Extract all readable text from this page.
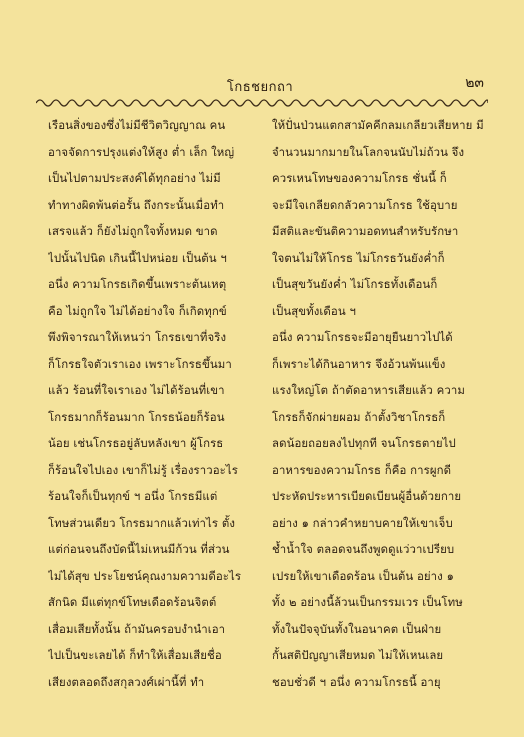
โกธชยกถา	๒๓
เรือนสิ่งของซึ่งไม่มีชีวิตวิญญาณ คน
อาจจัดการปรุงแต่งให้สูง ต่ำ เล็ก ใหญ่
เป็นไปตามประสงค์ได้ทุกอย่าง ไม่มี
ทำทางผิดพ้นต่อรั้น ถึงกระนั้นเมื่อทำ
เสรจแล้ว ก็ยังไม่ถูกใจทั้งหมด ขาด
ไปนั้นไปนิด เกินนี้ไปหน่อย เป็นต้น ฯ
อนึ่ง ความโกรธเกิดขึ้นเพราะต้นเหตุ
คือ ไม่ถูกใจ ไม่ได้อย่างใจ ก็เกิดทุกข์
พึงพิจารณาให้เหนว่า โกรธเขาที่จริง
ก็โกรธใจตัวเราเอง เพราะโกรธขึ้นมา
แล้ว ร้อนที่ใจเราเอง ไม่ได้ร้อนที่เขา
โกรธมากก็ร้อนมาก โกรธน้อยก็ร้อน
น้อย เช่นโกรธอยู่ลับหลังเขา ผู้โกรธ
ก็ร้อนใจไปเอง เขาก็ไม่รู้ เรื่องราวอะไร
ร้อนใจก็เป็นทุกข์ ฯ อนึ่ง โกรธมีแต่
โทษส่วนเดียว โกรธมากแล้วเท่าไร ตั้ง
แต่ก่อนจนถึงบัดนี้ไม่เหนมีก้วน ที่ส่วน
ไม่ได้สุข ประโยชน์คุณงามความดีอะไร
สักนิด มีแต่ทุกข์โทษเดือดร้อนจิตต์
เสื่อมเสียทั้งนั้น ถ้ามันครอบงำนำเอา
ไปเป็นขะเลยได้ ก็ทำให้เสื่อมเสียชื่อ
เสียงตลอดถึงสกุลวงศ์เผ่านี้ที่ ทำ
ให้ปั่นป่วนแตกสามัคคีกลมเกลียวเสียหาย มี
จำนวนมากมายในโลกจนนับไม่ถ้วน จึง
ควรเหนโทษของความโกรธ ชั่นนี้ ก็
จะมีใจเกลียดกลัวความโกรธ ใช้อุบาย
มีสติและขันติความอดทนสำหรับรักษา
ใจตนไม่ให้โกรธ ไม่โกรธวันยังค่ำก็
เป็นสุขวันยังค่ำ ไม่โกรธทั้งเดือนก็
เป็นสุขทั้งเดือน ฯ
อนึ่ง ความโกรธจะมีอายุยืนยาวไปได้
ก็เพราะได้กินอาหาร จึงอ้วนพ้นแข็ง
แรงใหญ่โต ถ้าตัดอาหารเสียแล้ว ความ
โกรธก็จักผ่ายผอม ถ้าตั้งวิชาโกรธก็
ลดน้อยถอยลงไปทุกที จนโกรธตายไป
อาหารของความโกรธ ก็คือ การผูกดี
ประหัดประหารเบียดเบียนผู้อื่นด้วยกาย
อย่าง ๑ กล่าวคำหยาบคายให้เขาเจ็บ
ช้ำน้ำใจ ตลอดจนถึงพูดดูแว่วาเปรียบ
เปรยให้เขาเดือดร้อน เป็นต้น อย่าง ๑
ทั้ง ๒ อย่างนี้ล้วนเป็นกรรมเวร เป็นโทษ
ทั้งในปัจจุบันทั้งในอนาคต เป็นฝ่าย
กั้นสติปัญญาเสียหมด ไม่ให้เหนเลย
ชอบชั่วดี ฯ อนึ่ง ความโกรธนี้ อายุ
